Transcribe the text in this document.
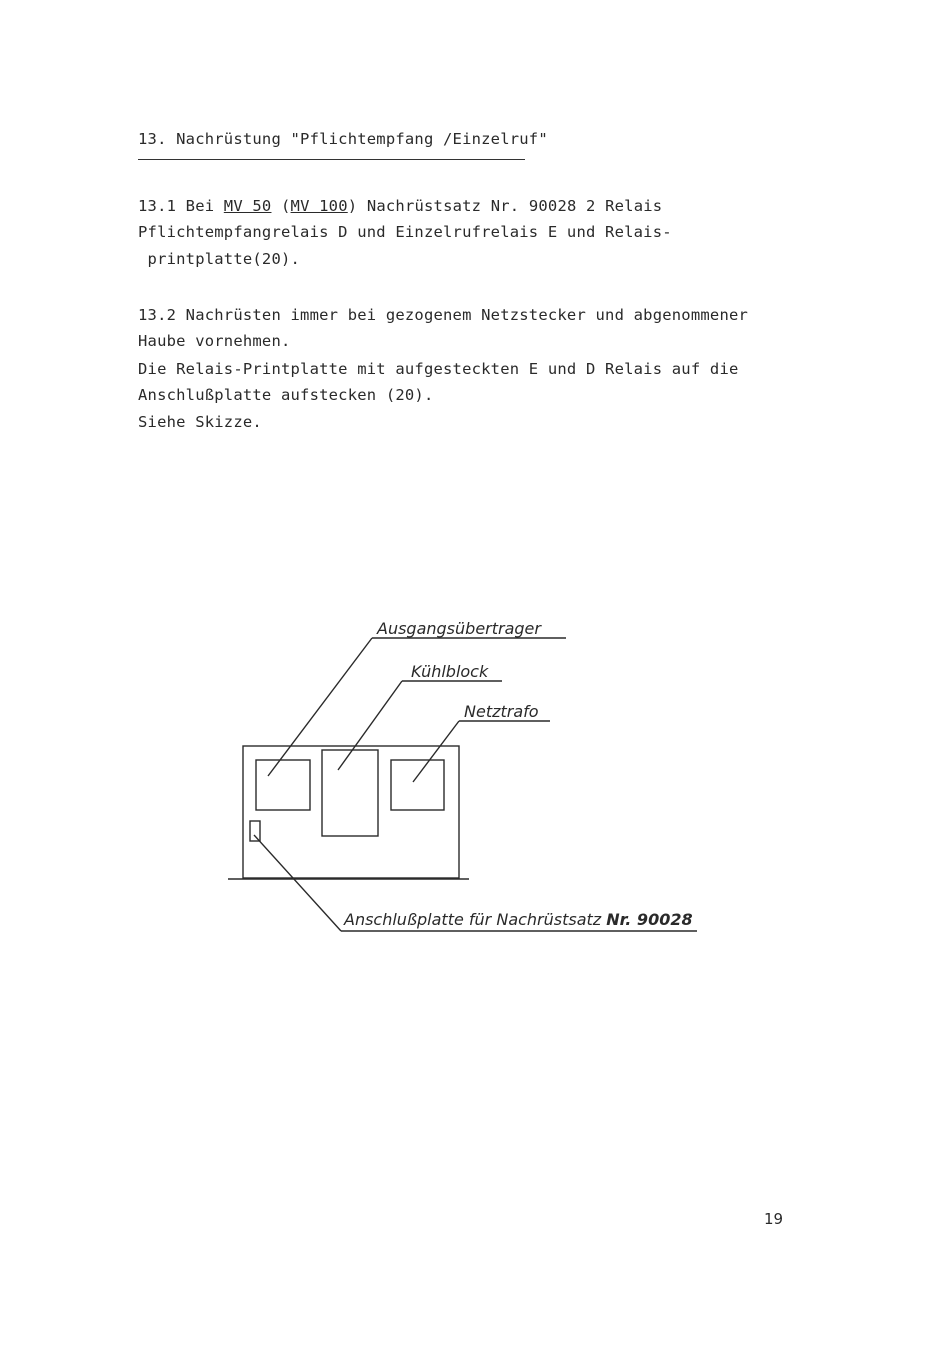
13. Nachrüstung "Pflichtempfang /Einzelruf"
13.1 Bei MV 50 (MV 100) Nachrüstsatz Nr. 90028 2 Relais
Pflichtempfangrelais D und Einzelrufrelais E und Relais-
printplatte(20).
13.2 Nachrüsten immer bei gezogenem Netzstecker und abgenommener
Haube vornehmen.
Die Relais-Printplatte mit aufgesteckten E und D Relais auf die
Anschlußplatte aufstecken (20).
Siehe Skizze.
Ausgangsübertrager
Kühlblock
Netztrafo
Anschlußplatte für Nachrüstsatz Nr. 90028
19
